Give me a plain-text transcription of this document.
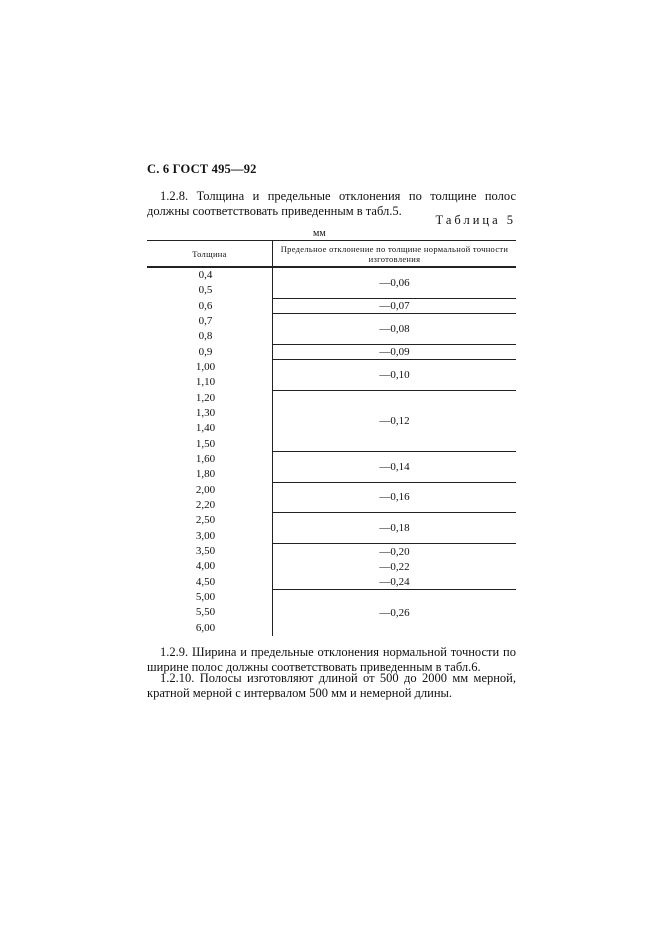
С. 6 ГОСТ 495—92
1.2.8. Толщина и предельные отклонения по толщине полос должны соответствовать приведенным в табл.5.
Таблица 5
мм
Толщина	Предельное отклонение по толщине нормальной точности изготовления
0,4
0,5
0,6
0,7
0,8
0,9
1,00
1,10
1,20
1,30
1,40
1,50
1,60
1,80
2,00
2,20
2,50
3,00
3,50
4,00
4,50
5,00
5,50
6,00
—0,06
—0,07
—0,08
—0,09
—0,10
—0,12
—0,14
—0,16
—0,18
—0,20
—0,22
—0,24
—0,26
1.2.9. Ширина и предельные отклонения нормальной точности по ширине полос должны соответствовать приведенным в табл.6.
1.2.10. Полосы изготовляют длиной от 500 до 2000 мм мерной, кратной мерной с интервалом 500 мм и немерной длины.
